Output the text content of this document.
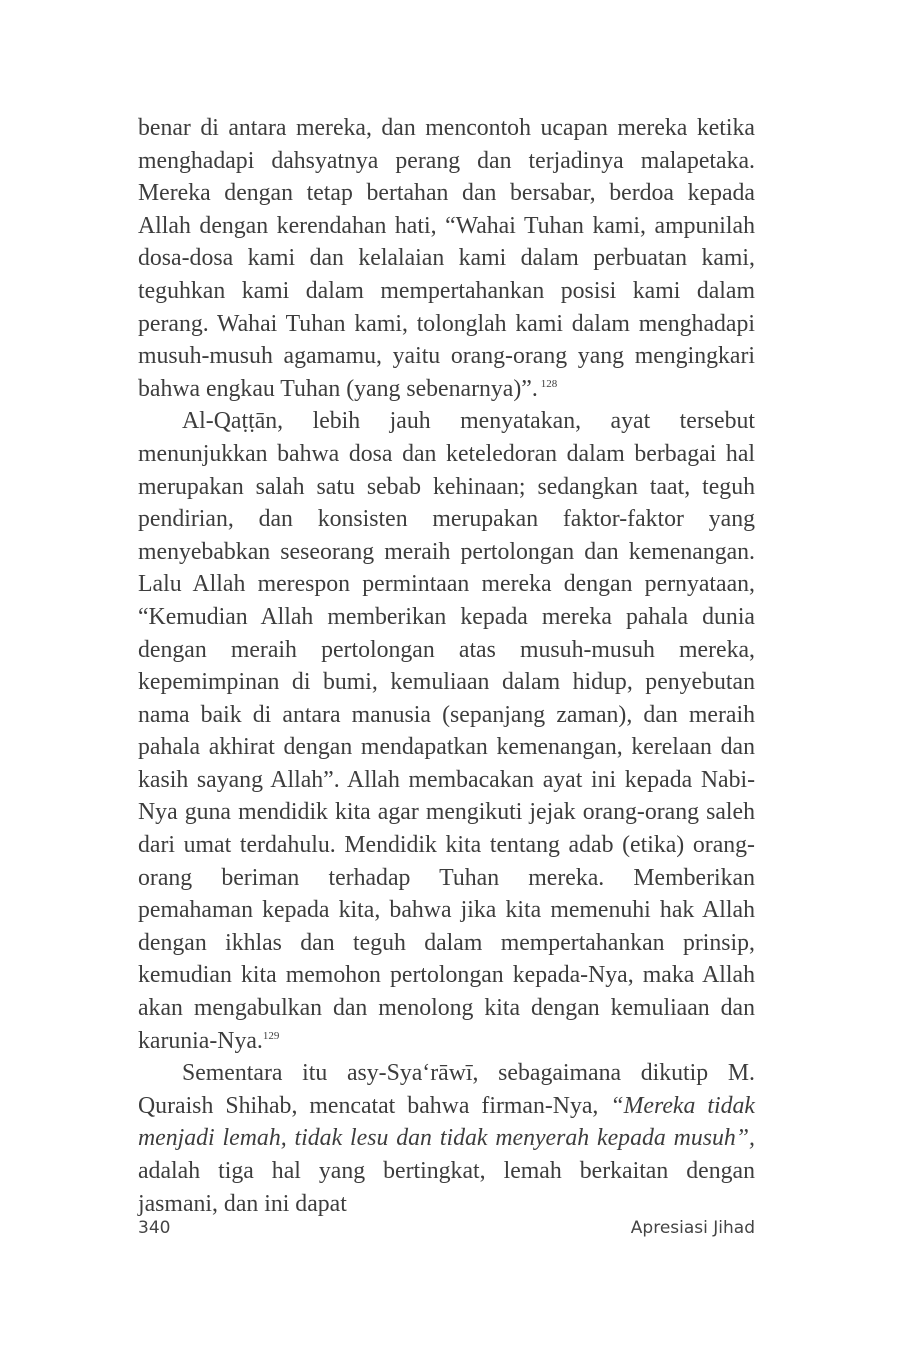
benar di antara mereka, dan mencontoh ucapan mereka ketika menghadapi dahsyatnya perang dan terjadinya malapetaka. Mereka dengan tetap bertahan dan bersabar, berdoa kepada Allah dengan kerendahan hati, “Wahai Tuhan kami, ampunilah dosa-dosa kami dan kelalaian kami dalam perbuatan kami, teguhkan kami dalam mempertahankan posisi kami dalam perang. Wahai Tuhan kami, tolonglah kami dalam menghadapi musuh-musuh agamamu, yaitu orang-orang yang mengingkari bahwa engkau Tuhan (yang sebenarnya)”. $^{128}$

Al-Qaṭṭān, lebih jauh menyatakan, ayat tersebut menunjukkan bahwa dosa dan keteledoran dalam berbagai hal merupakan salah satu sebab kehinaan; sedangkan taat, teguh pendirian, dan konsisten merupakan faktor-faktor yang menyebabkan seseorang meraih pertolongan dan kemenangan. Lalu Allah merespon permintaan mereka dengan pernyataan, “Kemudian Allah memberikan kepada mereka pahala dunia dengan meraih pertolongan atas musuh-musuh mereka, kepemimpinan di bumi, kemuliaan dalam hidup, penyebutan nama baik di antara manusia (sepanjang zaman), dan meraih pahala akhirat dengan mendapatkan kemenangan, kerelaan dan kasih sayang Allah”. Allah membacakan ayat ini kepada Nabi-Nya guna mendidik kita agar mengikuti jejak orang-orang saleh dari umat terdahulu. Mendidik kita tentang adab (etika) orang-orang beriman terhadap Tuhan mereka. Memberikan pemahaman kepada kita, bahwa jika kita memenuhi hak Allah dengan ikhlas dan teguh dalam mempertahankan prinsip, kemudian kita memohon pertolongan kepada-Nya, maka Allah akan mengabulkan dan menolong kita dengan kemuliaan dan karunia-Nya.$^{129}$

Sementara itu asy-Sya‘rāwī, sebagaimana dikutip M. Quraish Shihab, mencatat bahwa firman-Nya, “Mereka tidak menjadi lemah, tidak lesu dan tidak menyerah kepada musuh”, adalah tiga hal yang bertingkat, lemah berkaitan dengan jasmani, dan ini dapat

340	Apresiasi Jihad
